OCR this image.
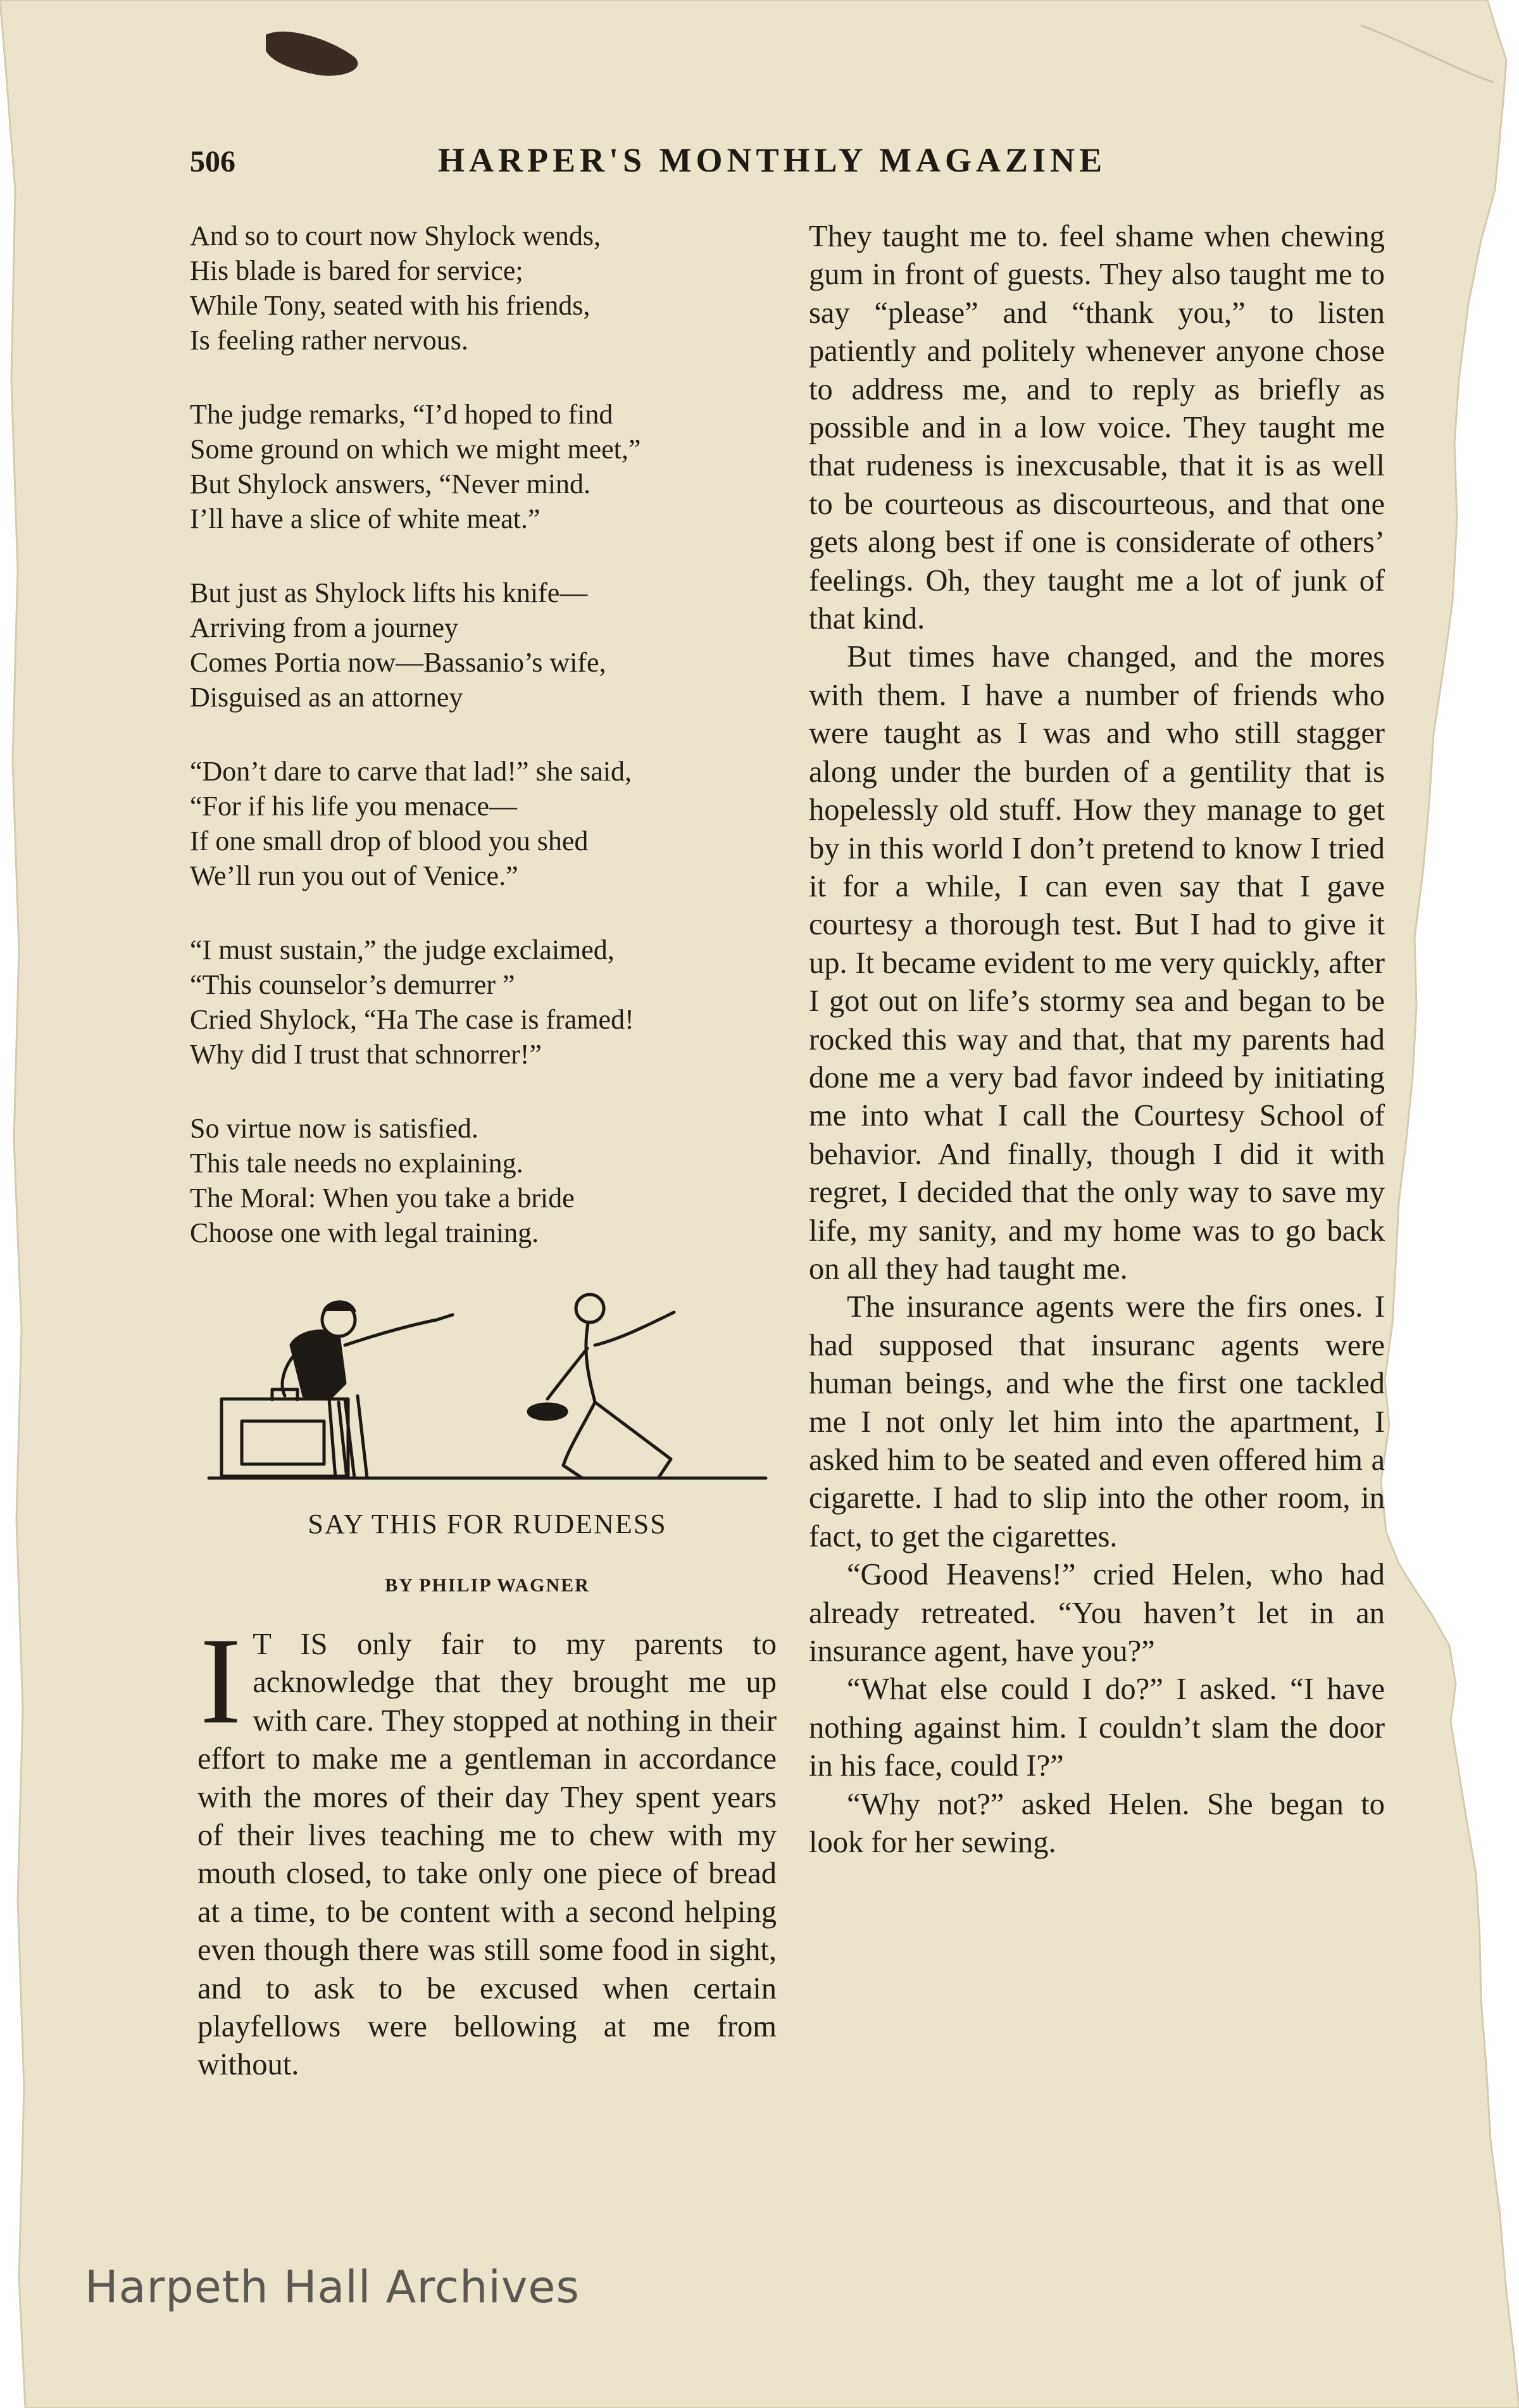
506	HARPER'S MONTHLY MAGAZINE
And so to court now Shylock wends,
His blade is bared for service;
While Tony, seated with his friends,
Is feeling rather nervous.
The judge remarks, “I’d hoped to find
Some ground on which we might meet,”
But Shylock answers, “Never mind.
I’ll have a slice of white meat.”
But just as Shylock lifts his knife—
Arriving from a journey
Comes Portia now—Bassanio’s wife,
Disguised as an attorney
“Don’t dare to carve that lad!” she said,
“For if his life you menace—
If one small drop of blood you shed
We’ll run you out of Venice.”
“I must sustain,” the judge exclaimed,
“This counselor’s demurrer ”
Cried Shylock, “Ha The case is framed!
Why did I trust that schnorrer!”
So virtue now is satisfied.
This tale needs no explaining.
The Moral: When you take a bride
Choose one with legal training.
SAY THIS FOR RUDENESS
BY PHILIP WAGNER

I T IS only fair to my parents to acknowledge that they brought me up with care. They stopped at nothing in their effort to make me a gentleman in accordance with the mores of their day They spent years of their lives teaching me to chew with my mouth closed, to take only one piece of bread at a time, to be content with a second helping even though there was still some food in sight, and to ask to be excused when certain playfellows were bellowing at me from without.

They taught me to. feel shame when chewing gum in front of guests. They also taught me to say “please” and “thank you,” to listen patiently and politely whenever anyone chose to address me, and to reply as briefly as possible and in a low voice. They taught me that rudeness is inexcusable, that it is as well to be courteous as discourteous, and that one gets along best if one is considerate of others’ feelings. Oh, they taught me a lot of junk of that kind.

But times have changed, and the mores with them. I have a number of friends who were taught as I was and who still stagger along under the burden of a gentility that is hopelessly old stuff. How they manage to get by in this world I don’t pretend to know I tried it for a while, I can even say that I gave courtesy a thorough test. But I had to give it up. It became evident to me very quickly, after I got out on life’s stormy sea and began to be rocked this way and that, that my parents had done me a very bad favor indeed by initiating me into what I call the Courtesy School of behavior. And finally, though I did it with regret, I decided that the only way to save my life, my sanity, and my home was to go back on all they had taught me.

The insurance agents were the firs ones. I had supposed that insuranc agents were human beings, and whe the first one tackled me I not only let him into the apartment, I asked him to be seated and even offered him a cigarette. I had to slip into the other room, in fact, to get the cigarettes.

“Good Heavens!” cried Helen, who had already retreated. “You haven’t let in an insurance agent, have you?”

“What else could I do?” I asked. “I have nothing against him. I couldn’t slam the door in his face, could I?”

“Why not?” asked Helen. She began to look for her sewing.

Harpeth Hall Archives
